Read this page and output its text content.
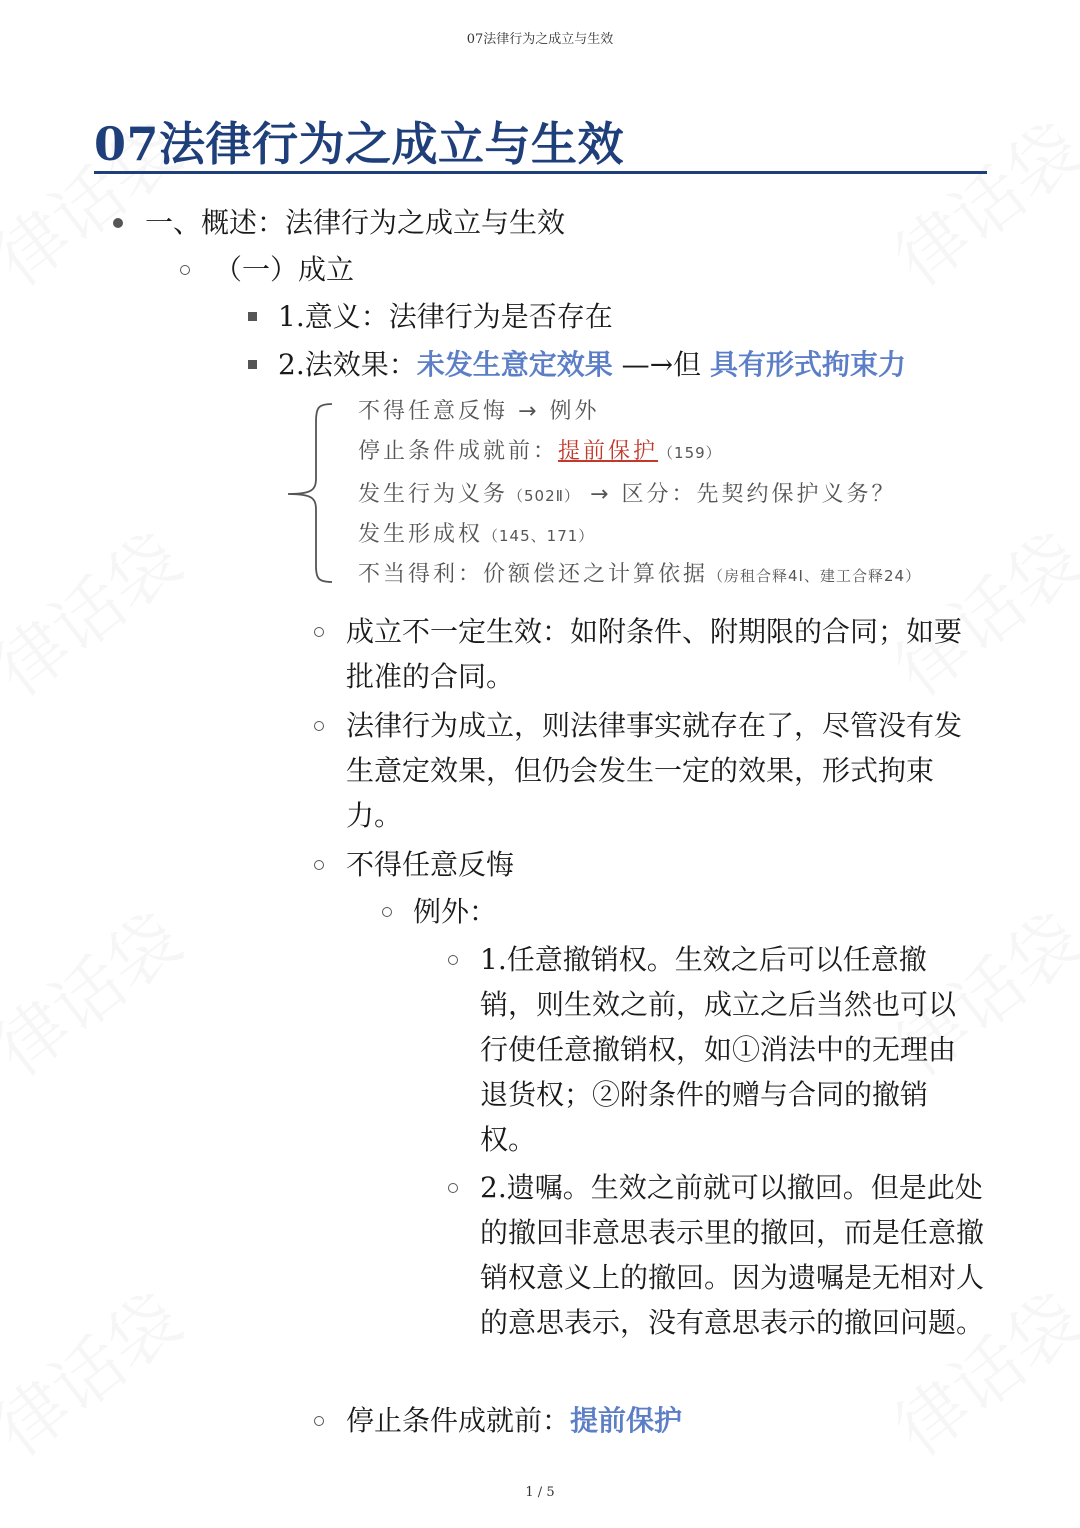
07法律行为之成立与生效
07法律行为之成立与生效
一、概述：法律行为之成立与生效
（一）成立
1.意义：法律行为是否存在
2.法效果：未发生意定效果 —→但 具有形式拘束力
不得任意反悔 → 例外
停止条件成就前：提前保护（159）
发生行为义务（502Ⅱ） → 区分：先契约保护义务？
发生形成权（145、171）
不当得利：价额偿还之计算依据（房租合释4Ⅰ、建工合释24）
成立不一定生效：如附条件、附期限的合同；如要批准的合同。
法律行为成立，则法律事实就存在了，尽管没有发生意定效果，但仍会发生一定的效果，形式拘束力。
不得任意反悔
例外：
1.任意撤销权。生效之后可以任意撤销，则生效之前，成立之后当然也可以行使任意撤销权，如①消法中的无理由退货权；②附条件的赠与合同的撤销权。
2.遗嘱。生效之前就可以撤回。但是此处的撤回非意思表示里的撤回，而是任意撤销权意义上的撤回。因为遗嘱是无相对人的意思表示，没有意思表示的撤回问题。
停止条件成就前：提前保护
1 / 5
